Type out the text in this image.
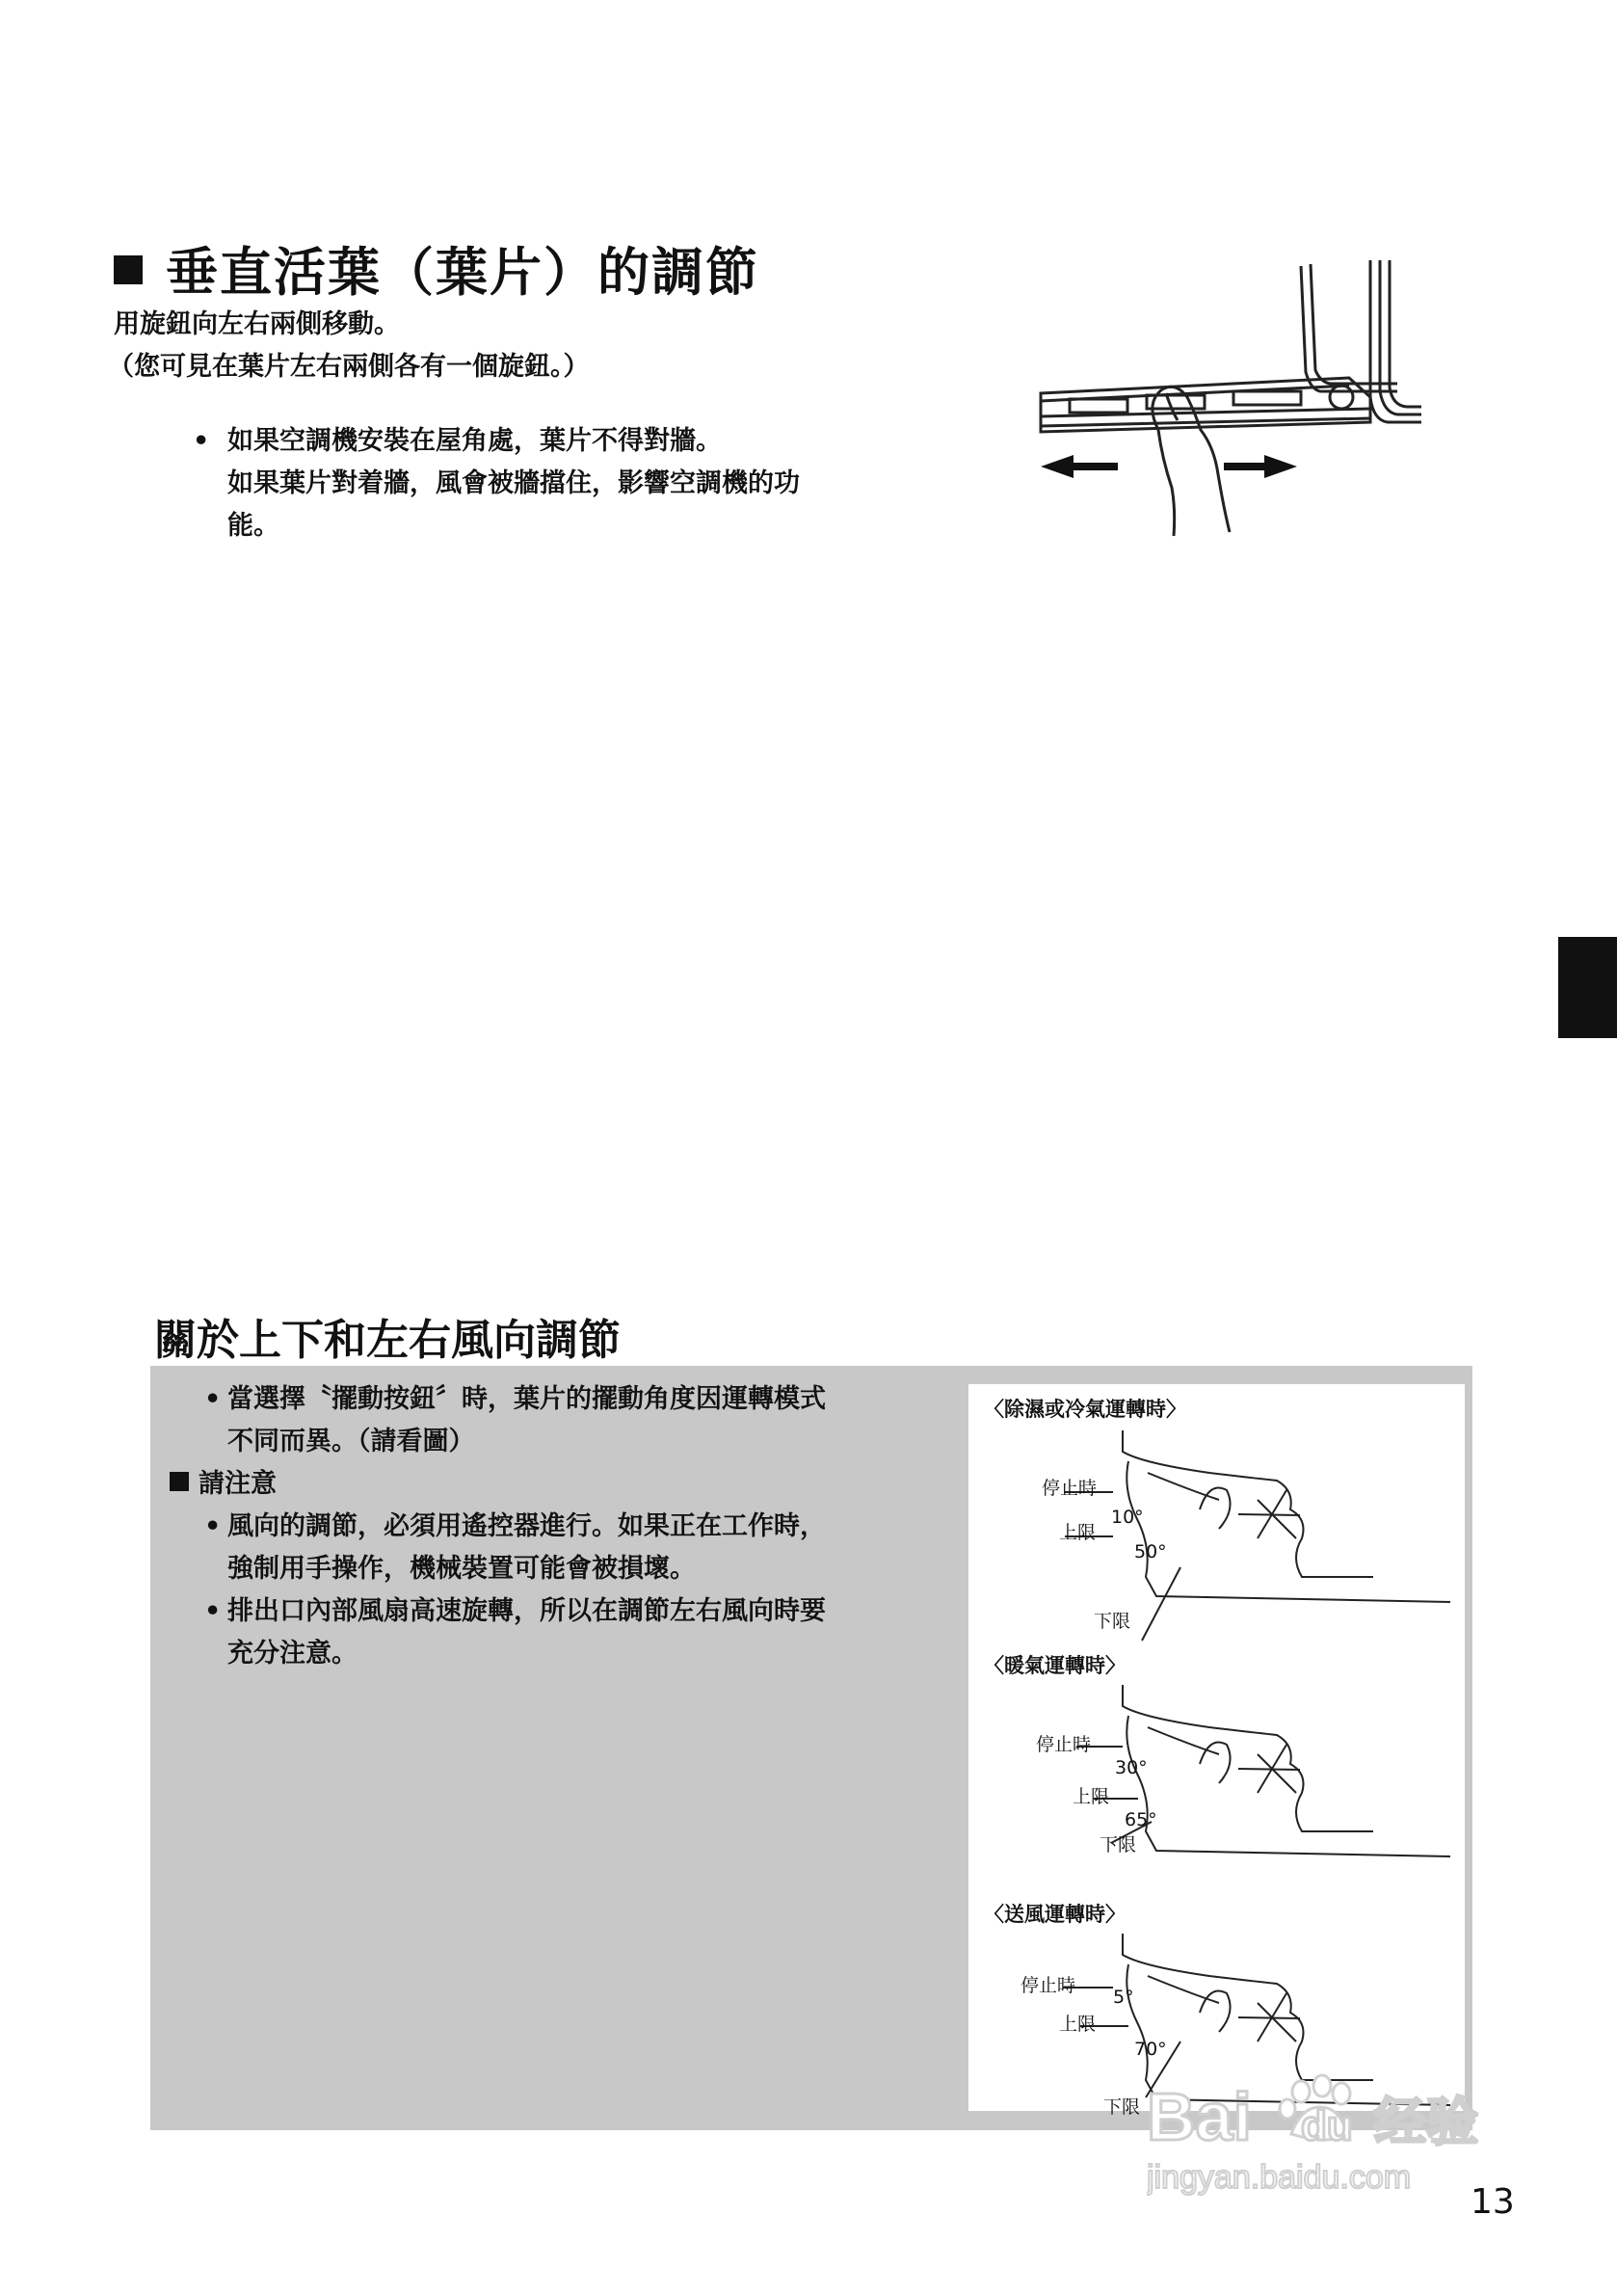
垂直活葉（葉片）的調節
用旋鈕向左右兩側移動。
（您可見在葉片左右兩側各有一個旋鈕。）
• 如果空調機安裝在屋角處，葉片不得對牆。
如果葉片對着牆，風會被牆擋住，影響空調機的功
能。
關於上下和左右風向調節
• 當選擇〝擺動按鈕〞時，葉片的擺動角度因運轉模式
不同而異。（請看圖）
請注意
• 風向的調節，必須用遙控器進行。如果正在工作時，
強制用手操作，機械裝置可能會被損壞。
• 排出口內部風扇高速旋轉，所以在調節左右風向時要
充分注意。
〈除濕或冷氣運轉時〉
停止時
10°
上限
50°
下限
〈暖氣運轉時〉
停止時
30°
上限
65°
下限
〈送風運轉時〉
停止時
5°
上限
70°
下限 Bai du 经验
jingyan.baidu.com
13
